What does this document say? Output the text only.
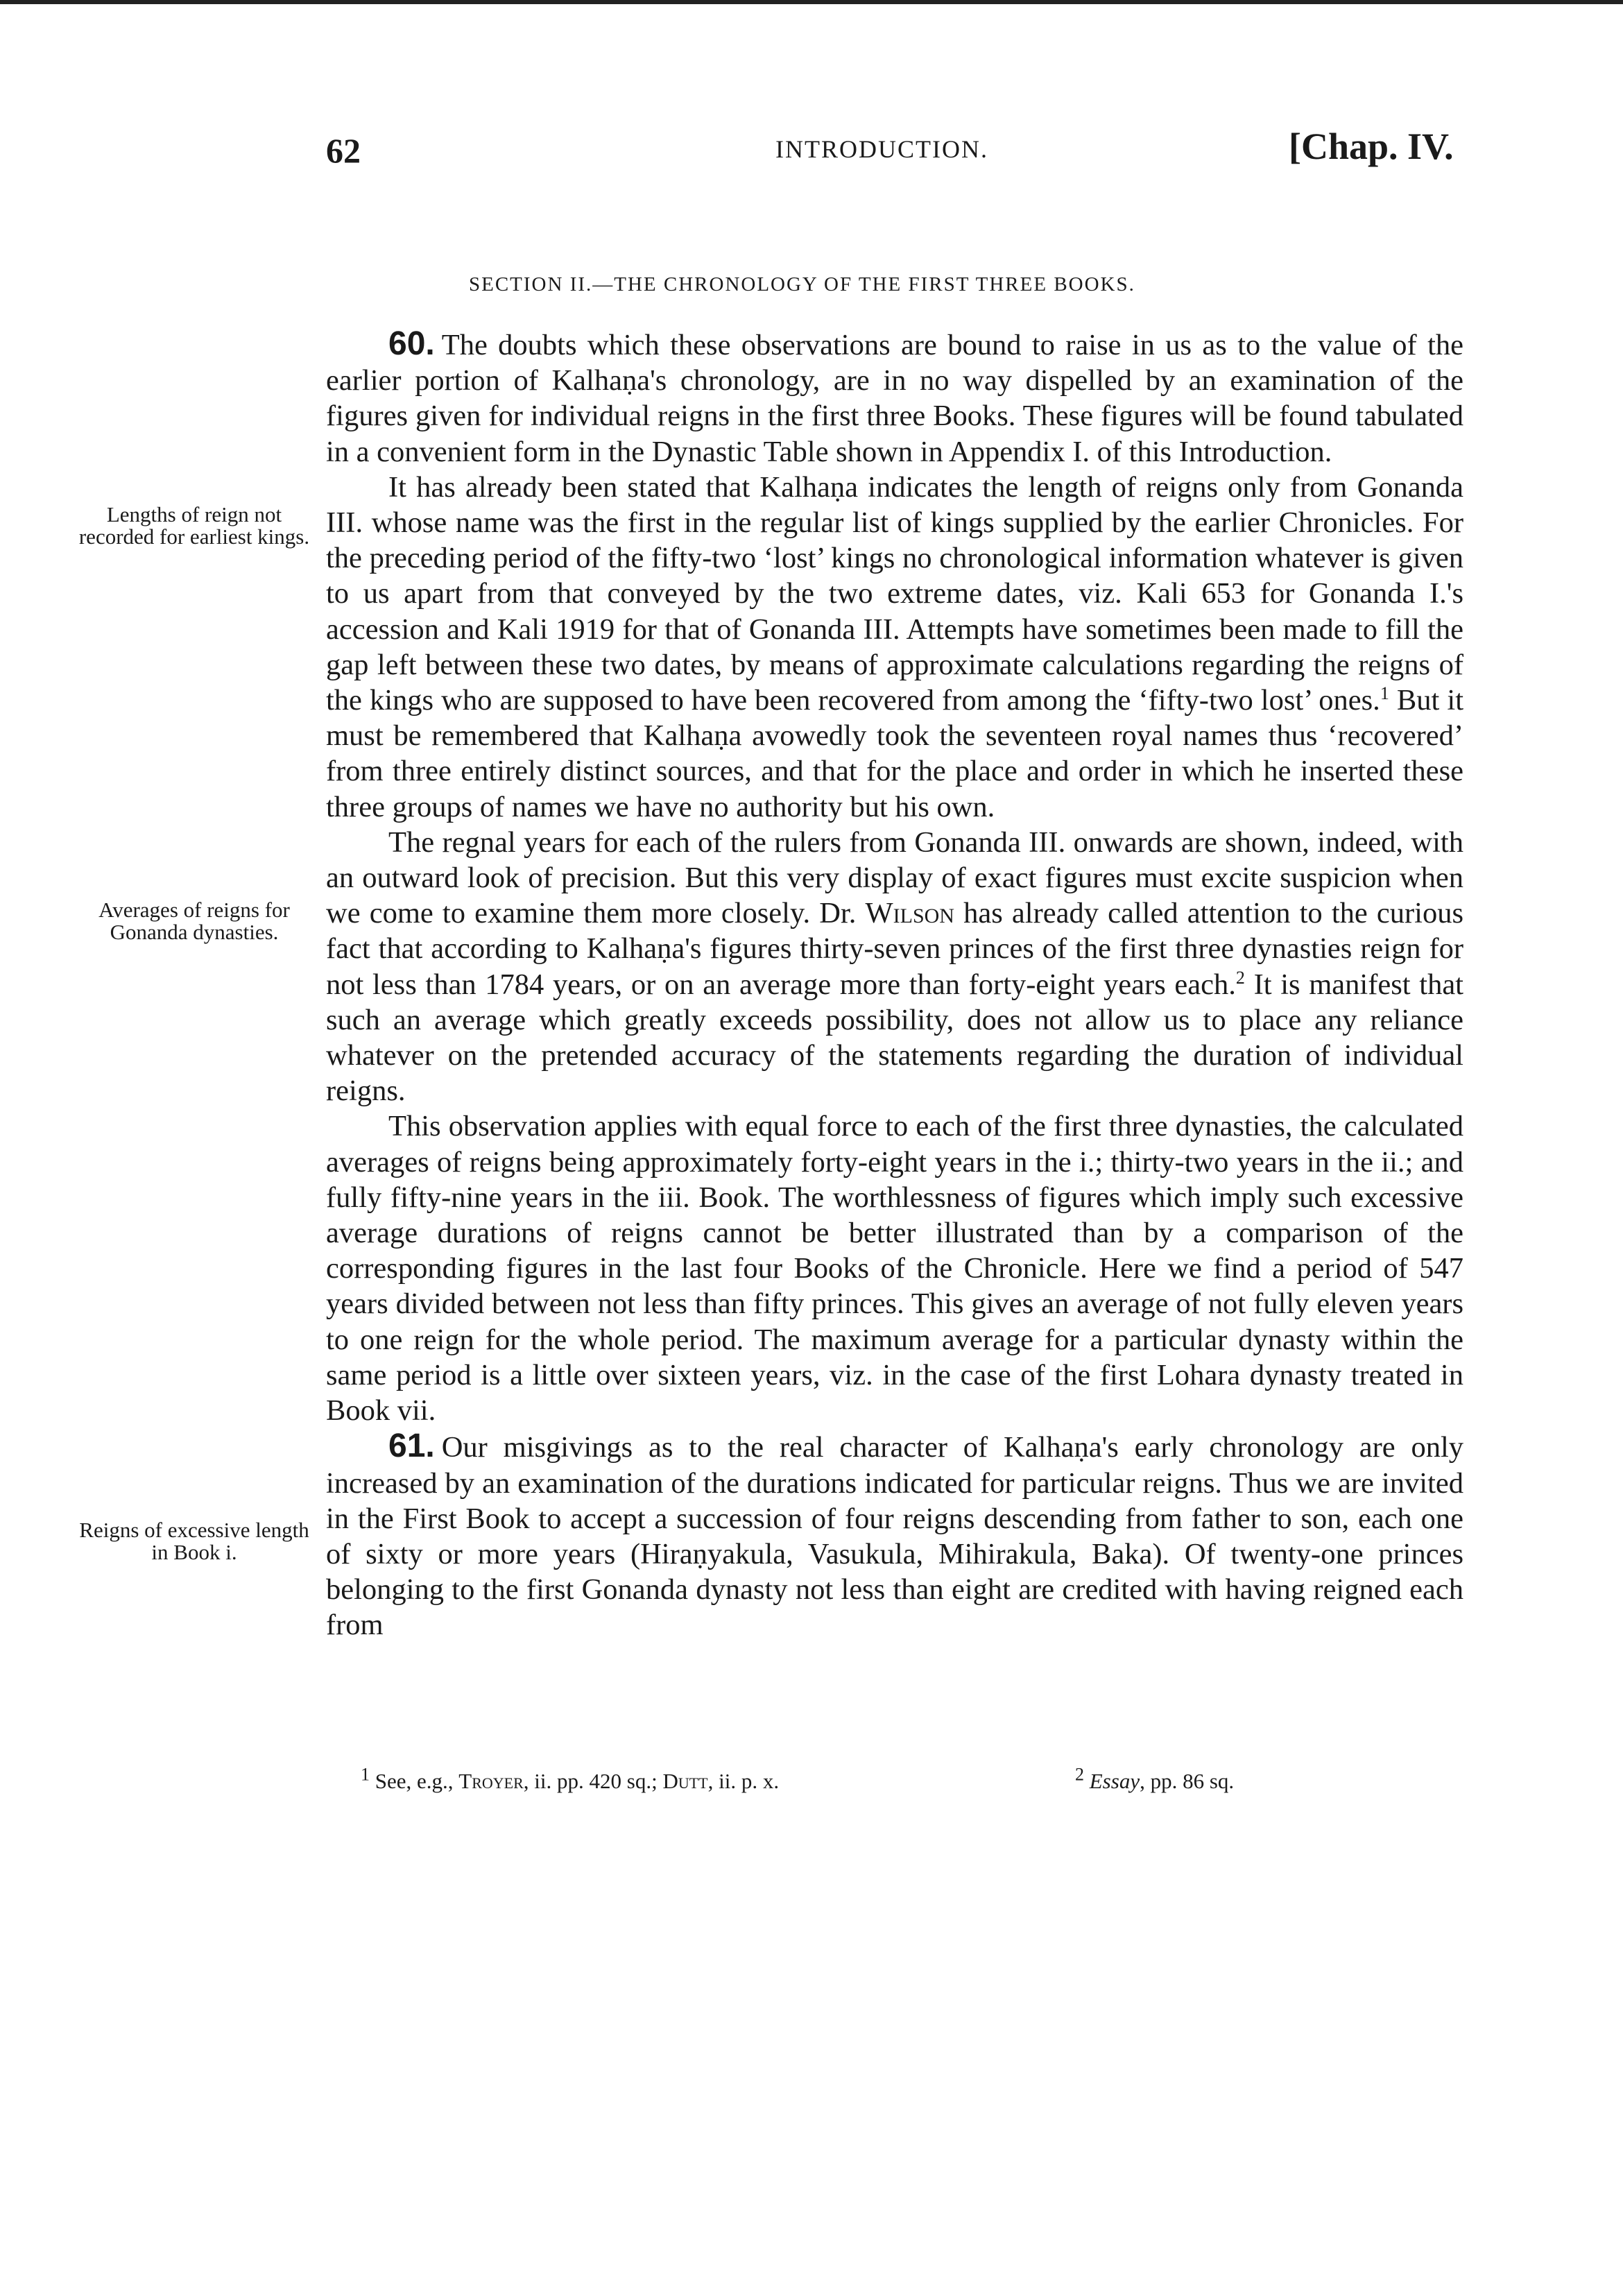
62	INTRODUCTION.	[Chap. IV.
SECTION II.—THE CHRONOLOGY OF THE FIRST THREE BOOKS.
Lengths of reign not recorded for earliest kings.
Averages of reigns for Gonanda dynasties.
Reigns of excessive length in Book i.

60. The doubts which these observations are bound to raise in us as to the value of the earlier portion of Kalhaṇa's chronology, are in no way dispelled by an examination of the figures given for individual reigns in the first three Books. These figures will be found tabulated in a convenient form in the Dynastic Table shown in Appendix I. of this Introduction.

It has already been stated that Kalhaṇa indicates the length of reigns only from Gonanda III. whose name was the first in the regular list of kings supplied by the earlier Chronicles. For the preceding period of the fifty-two ‘lost’ kings no chronological information whatever is given to us apart from that conveyed by the two extreme dates, viz. Kali 653 for Gonanda I.'s accession and Kali 1919 for that of Gonanda III. Attempts have sometimes been made to fill the gap left between these two dates, by means of approximate calculations regarding the reigns of the kings who are supposed to have been recovered from among the ‘fifty-two lost’ ones.$^1$ But it must be remembered that Kalhaṇa avowedly took the seventeen royal names thus ‘recovered’ from three entirely distinct sources, and that for the place and order in which he inserted these three groups of names we have no authority but his own.

The regnal years for each of the rulers from Gonanda III. onwards are shown, indeed, with an outward look of precision. But this very display of exact figures must excite suspicion when we come to examine them more closely. Dr. Wilson has already called attention to the curious fact that according to Kalhaṇa's figures thirty-seven princes of the first three dynasties reign for not less than 1784 years, or on an average more than forty-eight years each.$^2$ It is manifest that such an average which greatly exceeds possibility, does not allow us to place any reliance whatever on the pretended accuracy of the statements regarding the duration of individual reigns.

This observation applies with equal force to each of the first three dynasties, the calculated averages of reigns being approximately forty-eight years in the i.; thirty-two years in the ii.; and fully fifty-nine years in the iii. Book. The worthlessness of figures which imply such excessive average durations of reigns cannot be better illustrated than by a comparison of the corresponding figures in the last four Books of the Chronicle. Here we find a period of 547 years divided between not less than fifty princes. This gives an average of not fully eleven years to one reign for the whole period. The maximum average for a particular dynasty within the same period is a little over sixteen years, viz. in the case of the first Lohara dynasty treated in Book vii.

61. Our misgivings as to the real character of Kalhaṇa's early chronology are only increased by an examination of the durations indicated for particular reigns. Thus we are invited in the First Book to accept a succession of four reigns descending from father to son, each one of sixty or more years (Hiraṇyakula, Vasukula, Mihirakula, Baka). Of twenty-one princes belonging to the first Gonanda dynasty not less than eight are credited with having reigned each from

$^1$ See, e.g., Troyer, ii. pp. 420 sq.; Dutt, ii. p. x.	$^2$ Essay, pp. 86 sq.
